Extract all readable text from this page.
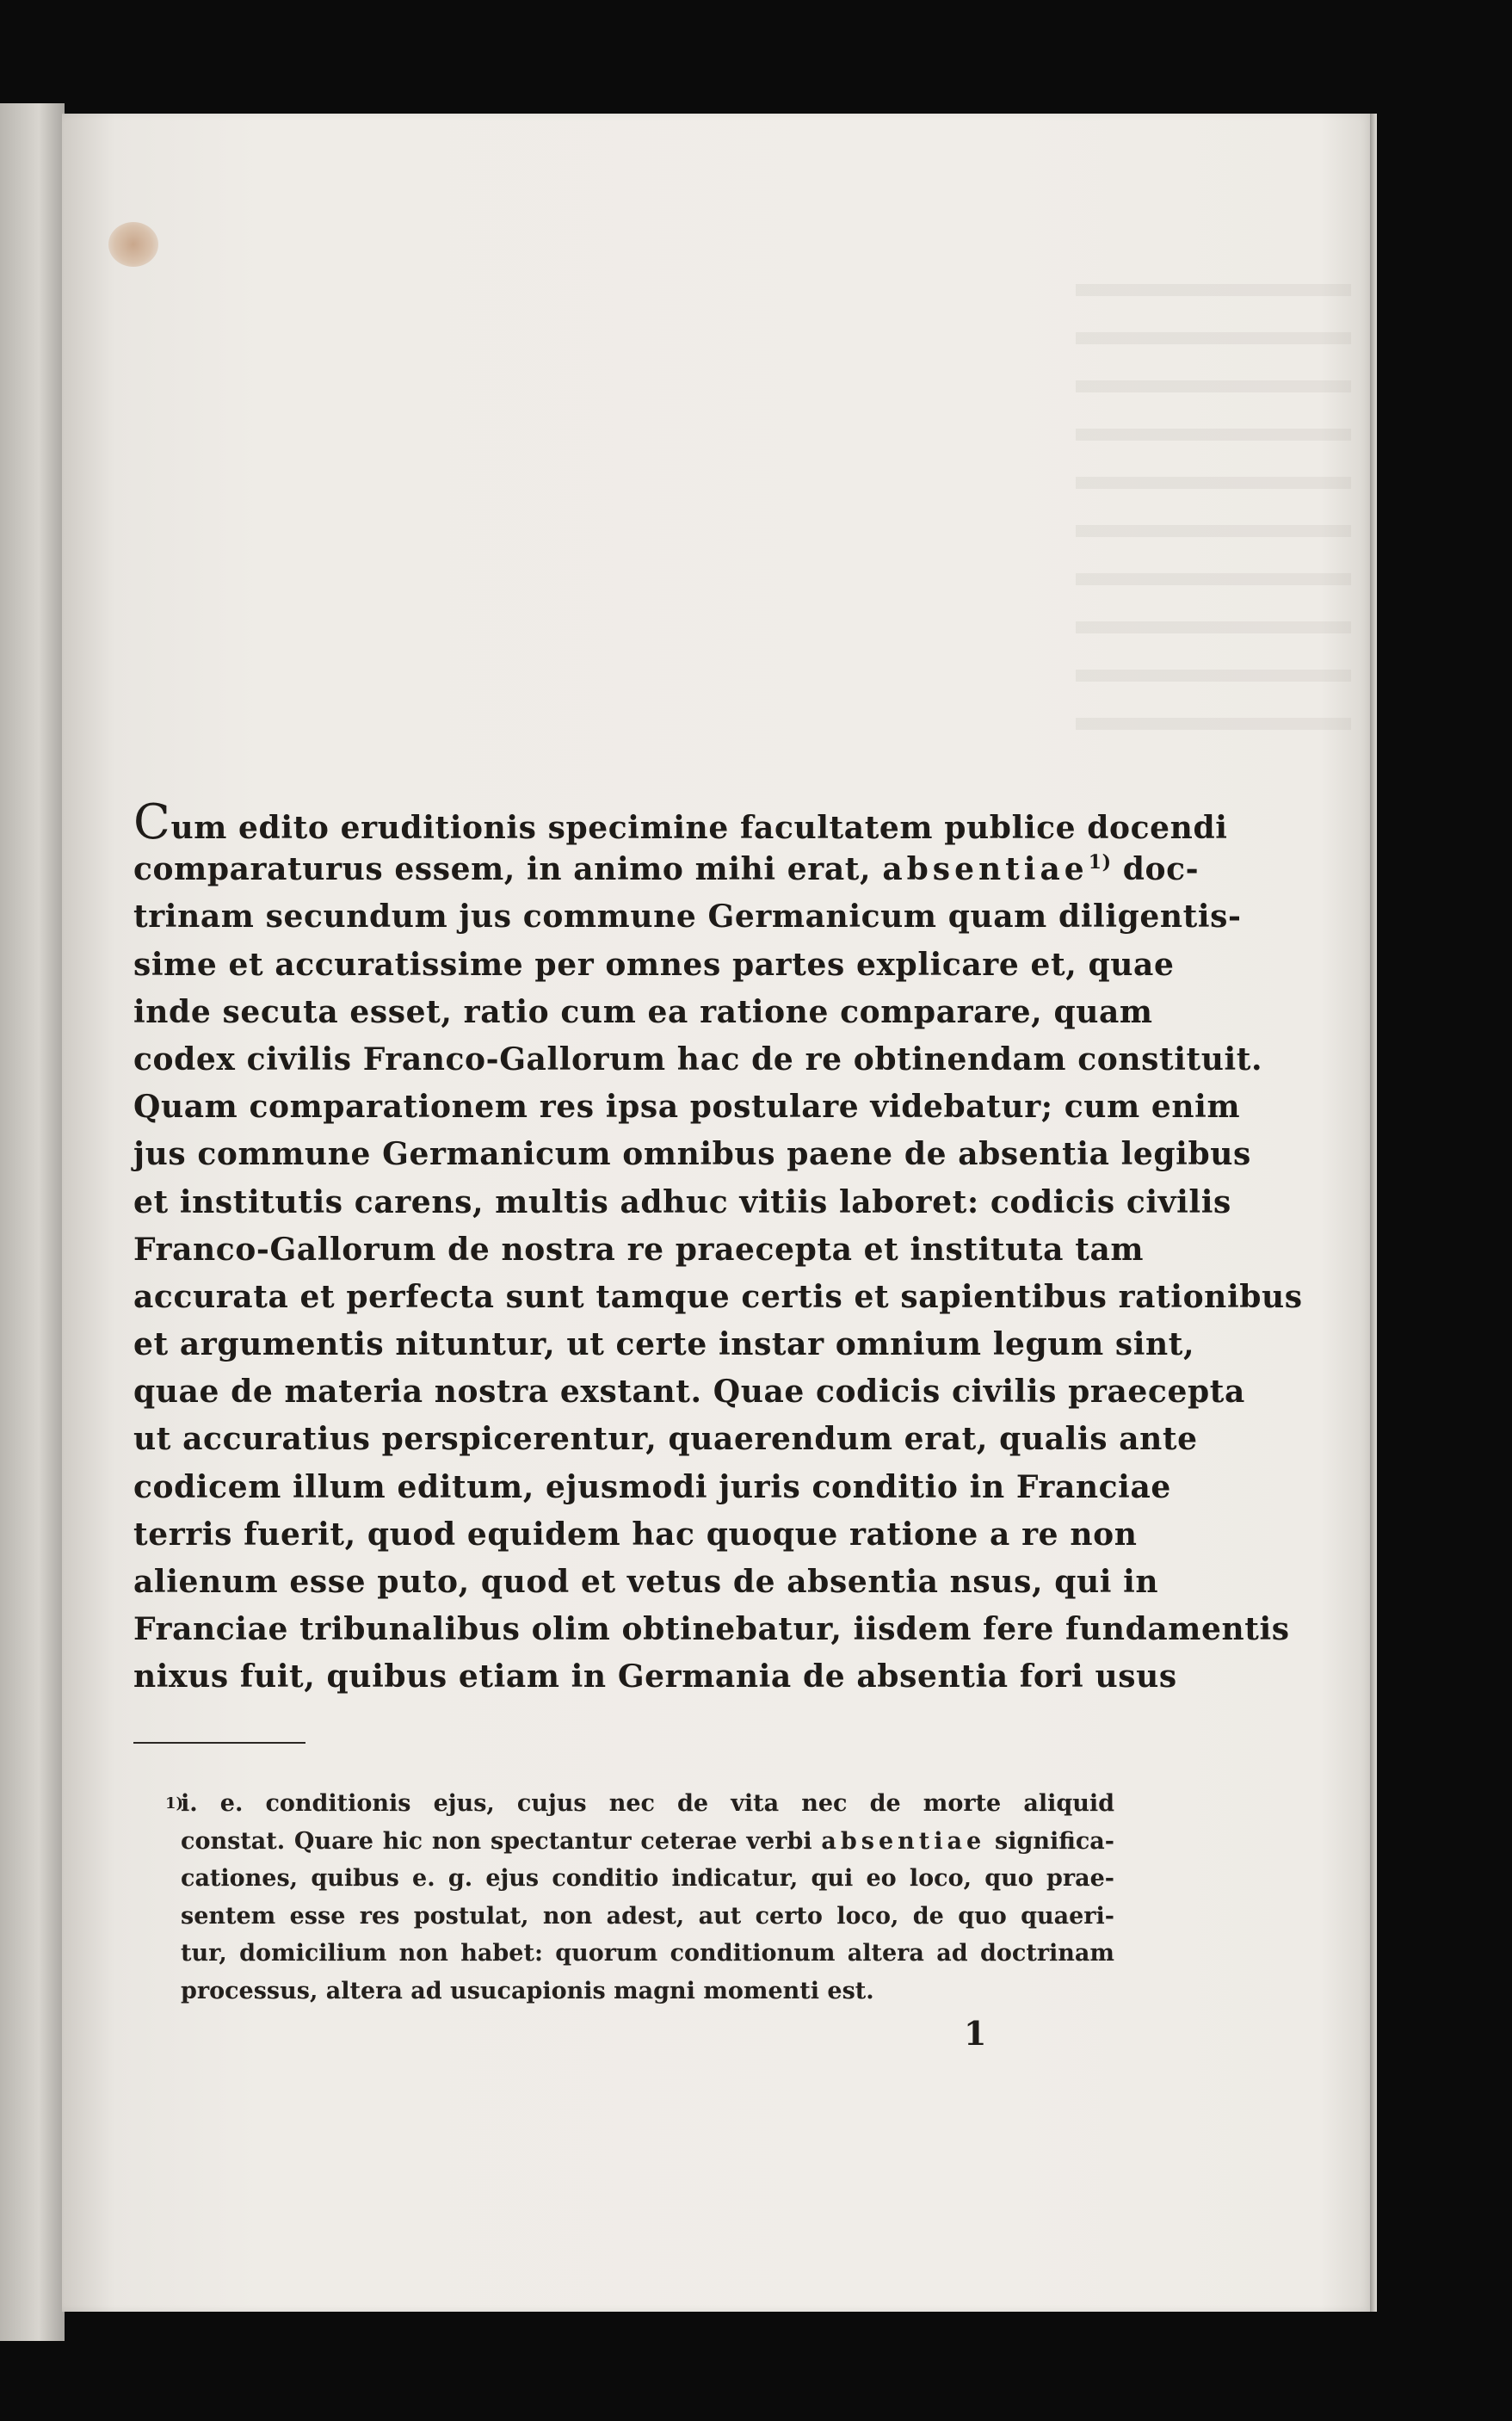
Cum edito eruditionis specimine facultatem publice docendi
comparaturus essem, in animo mihi erat, absentiae$^{1)}$ doc-
trinam secundum jus commune Germanicum quam diligentis-
sime et accuratissime per omnes partes explicare et, quae
inde secuta esset, ratio cum ea ratione comparare, quam
codex civilis Franco-Gallorum hac de re obtinendam constituit.
Quam comparationem res ipsa postulare videbatur; cum enim
jus commune Germanicum omnibus paene de absentia legibus
et institutis carens, multis adhuc vitiis laboret: codicis civilis
Franco-Gallorum de nostra re praecepta et instituta tam
accurata et perfecta sunt tamque certis et sapientibus rationibus
et argumentis nituntur, ut certe instar omnium legum sint,
quae de materia nostra exstant. Quae codicis civilis praecepta
ut accuratius perspicerentur, quaerendum erat, qualis ante
codicem illum editum, ejusmodi juris conditio in Franciae
terris fuerit, quod equidem hac quoque ratione a re non
alienum esse puto, quod et vetus de absentia nsus, qui in
Franciae tribunalibus olim obtinebatur, iisdem fere fundamentis
nixus fuit, quibus etiam in Germania de absentia fori usus
1)
i. e. conditionis ejus, cujus nec de vita nec de morte aliquid
constat. Quare hic non spectantur ceterae verbi absentiae significa-
cationes, quibus e. g. ejus conditio indicatur, qui eo loco, quo prae-
sentem esse res postulat, non adest, aut certo loco, de quo quaeri-
tur, domicilium non habet: quorum conditionum altera ad doctrinam
processus, altera ad usucapionis magni momenti est.
1
